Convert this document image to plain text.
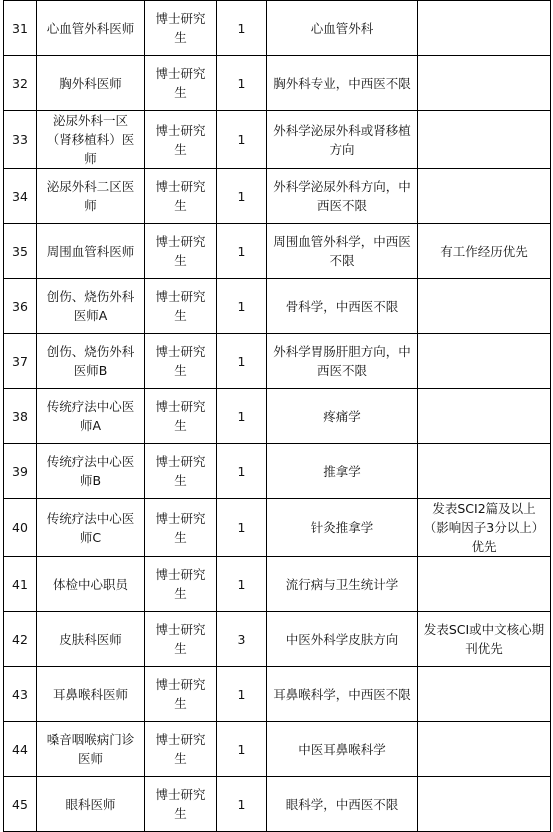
31	心血管外科医师	博士研究生	1	心血管外科	
32	胸外科医师	博士研究生	1	胸外科专业，中西医不限	
33	泌尿外科一区（肾移植科）医师	博士研究生	1	外科学泌尿外科或肾移植方向	
34	泌尿外科二区医师	博士研究生	1	外科学泌尿外科方向，中西医不限	
35	周围血管科医师	博士研究生	1	周围血管外科学，中西医不限	有工作经历优先
36	创伤、烧伤外科医师A	博士研究生	1	骨科学，中西医不限	
37	创伤、烧伤外科医师B	博士研究生	1	外科学胃肠肝胆方向，中西医不限	
38	传统疗法中心医师A	博士研究生	1	疼痛学	
39	传统疗法中心医师B	博士研究生	1	推拿学	
40	传统疗法中心医师C	博士研究生	1	针灸推拿学	发表SCI2篇及以上（影响因子3分以上）优先
41	体检中心职员	博士研究生	1	流行病与卫生统计学	
42	皮肤科医师	博士研究生	3	中医外科学皮肤方向	发表SCI或中文核心期刊优先
43	耳鼻喉科医师	博士研究生	1	耳鼻喉科学，中西医不限	
44	嗓音咽喉病门诊医师	博士研究生	1	中医耳鼻喉科学	
45	眼科医师	博士研究生	1	眼科学，中西医不限	
